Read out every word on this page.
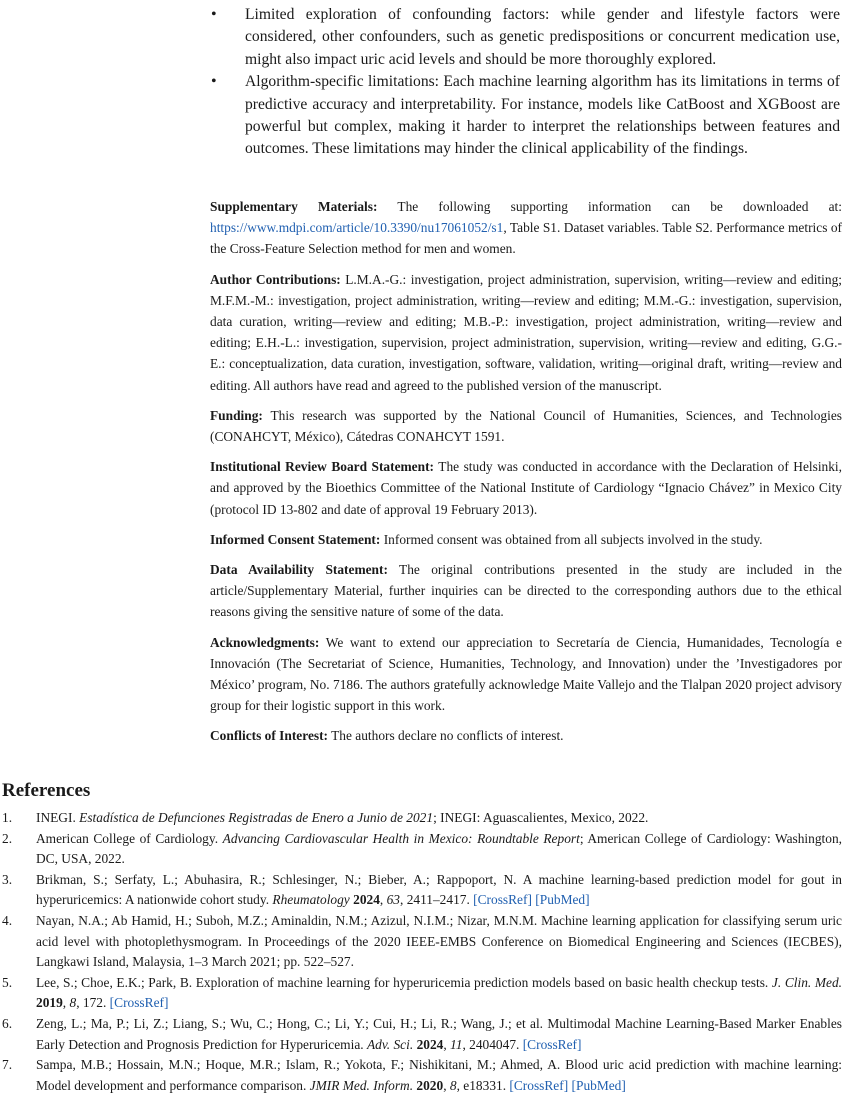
• Limited exploration of confounding factors: while gender and lifestyle factors were considered, other confounders, such as genetic predispositions or concurrent medication use, might also impact uric acid levels and should be more thoroughly explored.
• Algorithm-specific limitations: Each machine learning algorithm has its limitations in terms of predictive accuracy and interpretability. For instance, models like CatBoost and XGBoost are powerful but complex, making it harder to interpret the relationships between features and outcomes. These limitations may hinder the clinical applicability of the findings.

Supplementary Materials: The following supporting information can be downloaded at: https://www.mdpi.com/article/10.3390/nu17061052/s1, Table S1. Dataset variables. Table S2. Performance metrics of the Cross-Feature Selection method for men and women.

Author Contributions: L.M.A.-G.: investigation, project administration, supervision, writing—review and editing; M.F.M.-M.: investigation, project administration, writing—review and editing; M.M.-G.: investigation, supervision, data curation, writing—review and editing; M.B.-P.: investigation, project administration, writing—review and editing; E.H.-L.: investigation, supervision, project administration, supervision, writing—review and editing, G.G.-E.: conceptualization, data curation, investigation, software, validation, writing—original draft, writing—review and editing. All authors have read and agreed to the published version of the manuscript.

Funding: This research was supported by the National Council of Humanities, Sciences, and Technologies (CONAHCYT, México), Cátedras CONAHCYT 1591.

Institutional Review Board Statement: The study was conducted in accordance with the Declaration of Helsinki, and approved by the Bioethics Committee of the National Institute of Cardiology “Ignacio Chávez” in Mexico City (protocol ID 13-802 and date of approval 19 February 2013).

Informed Consent Statement: Informed consent was obtained from all subjects involved in the study.

Data Availability Statement: The original contributions presented in the study are included in the article/Supplementary Material, further inquiries can be directed to the corresponding authors due to the ethical reasons giving the sensitive nature of some of the data.

Acknowledgments: We want to extend our appreciation to Secretaría de Ciencia, Humanidades, Tecnología e Innovación (The Secretariat of Science, Humanities, Technology, and Innovation) under the ’Investigadores por México’ program, No. 7186. The authors gratefully acknowledge Maite Vallejo and the Tlalpan 2020 project advisory group for their logistic support in this work.

Conflicts of Interest: The authors declare no conflicts of interest.

References
1. INEGI. Estadística de Defunciones Registradas de Enero a Junio de 2021; INEGI: Aguascalientes, Mexico, 2022.
2. American College of Cardiology. Advancing Cardiovascular Health in Mexico: Roundtable Report; American College of Cardiology: Washington, DC, USA, 2022.
3. Brikman, S.; Serfaty, L.; Abuhasira, R.; Schlesinger, N.; Bieber, A.; Rappoport, N. A machine learning-based prediction model for gout in hyperuricemics: A nationwide cohort study. Rheumatology 2024, 63, 2411–2417. [CrossRef] [PubMed]
4. Nayan, N.A.; Ab Hamid, H.; Suboh, M.Z.; Aminaldin, N.M.; Azizul, N.I.M.; Nizar, M.N.M. Machine learning application for classifying serum uric acid level with photoplethysmogram. In Proceedings of the 2020 IEEE-EMBS Conference on Biomedical Engineering and Sciences (IECBES), Langkawi Island, Malaysia, 1–3 March 2021; pp. 522–527.
5. Lee, S.; Choe, E.K.; Park, B. Exploration of machine learning for hyperuricemia prediction models based on basic health checkup tests. J. Clin. Med. 2019, 8, 172. [CrossRef]
6. Zeng, L.; Ma, P.; Li, Z.; Liang, S.; Wu, C.; Hong, C.; Li, Y.; Cui, H.; Li, R.; Wang, J.; et al. Multimodal Machine Learning-Based Marker Enables Early Detection and Prognosis Prediction for Hyperuricemia. Adv. Sci. 2024, 11, 2404047. [CrossRef]
7. Sampa, M.B.; Hossain, M.N.; Hoque, M.R.; Islam, R.; Yokota, F.; Nishikitani, M.; Ahmed, A. Blood uric acid prediction with machine learning: Model development and performance comparison. JMIR Med. Inform. 2020, 8, e18331. [CrossRef] [PubMed]
